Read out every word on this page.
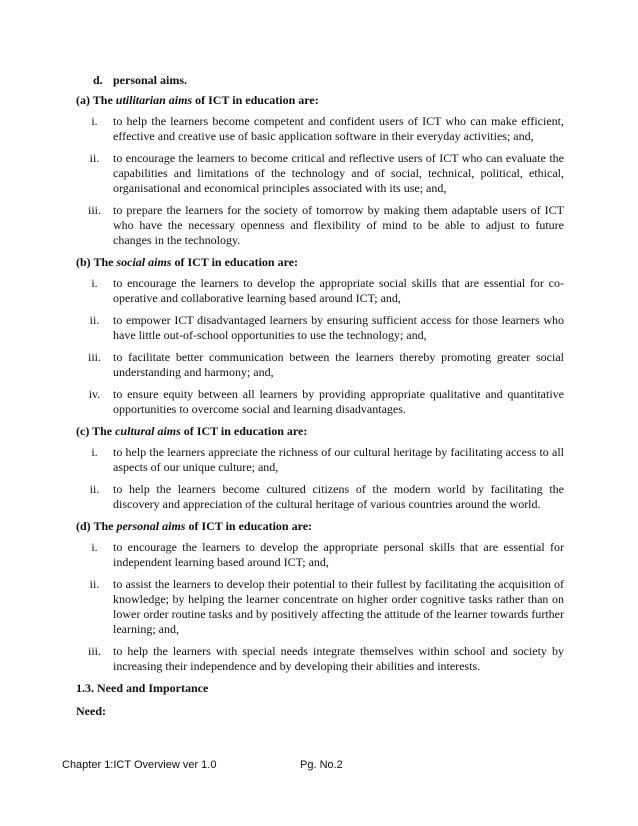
d. personal aims.
(a) The utilitarian aims of ICT in education are:
i.	to help the learners become competent and confident users of ICT who can make efficient, effective and creative use of basic application software in their everyday activities; and,
ii.	to encourage the learners to become critical and reflective users of ICT who can evaluate the capabilities and limitations of the technology and of social, technical, political, ethical, organisational and economical principles associated with its use; and,
iii.	to prepare the learners for the society of tomorrow by making them adaptable users of ICT who have the necessary openness and flexibility of mind to be able to adjust to future changes in the technology.
(b) The social aims of ICT in education are:
i.	to encourage the learners to develop the appropriate social skills that are essential for co-operative and collaborative learning based around ICT; and,
ii.	to empower ICT disadvantaged learners by ensuring sufficient access for those learners who have little out-of-school opportunities to use the technology; and,
iii.	to facilitate better communication between the learners thereby promoting greater social understanding and harmony; and,
iv.	to ensure equity between all learners by providing appropriate qualitative and quantitative opportunities to overcome social and learning disadvantages.
(c) The cultural aims of ICT in education are:
i.	to help the learners appreciate the richness of our cultural heritage by facilitating access to all aspects of our unique culture; and,
ii.	to help the learners become cultured citizens of the modern world by facilitating the discovery and appreciation of the cultural heritage of various countries around the world.
(d) The personal aims of ICT in education are:
i.	to encourage the learners to develop the appropriate personal skills that are essential for independent learning based around ICT; and,
ii.	to assist the learners to develop their potential to their fullest by facilitating the acquisition of knowledge; by helping the learner concentrate on higher order cognitive tasks rather than on lower order routine tasks and by positively affecting the attitude of the learner towards further learning; and,
iii.	to help the learners with special needs integrate themselves within school and society by increasing their independence and by developing their abilities and interests.
1.3. Need and Importance
Need:
Chapter 1:ICT Overview ver 1.0	Pg. No.2
